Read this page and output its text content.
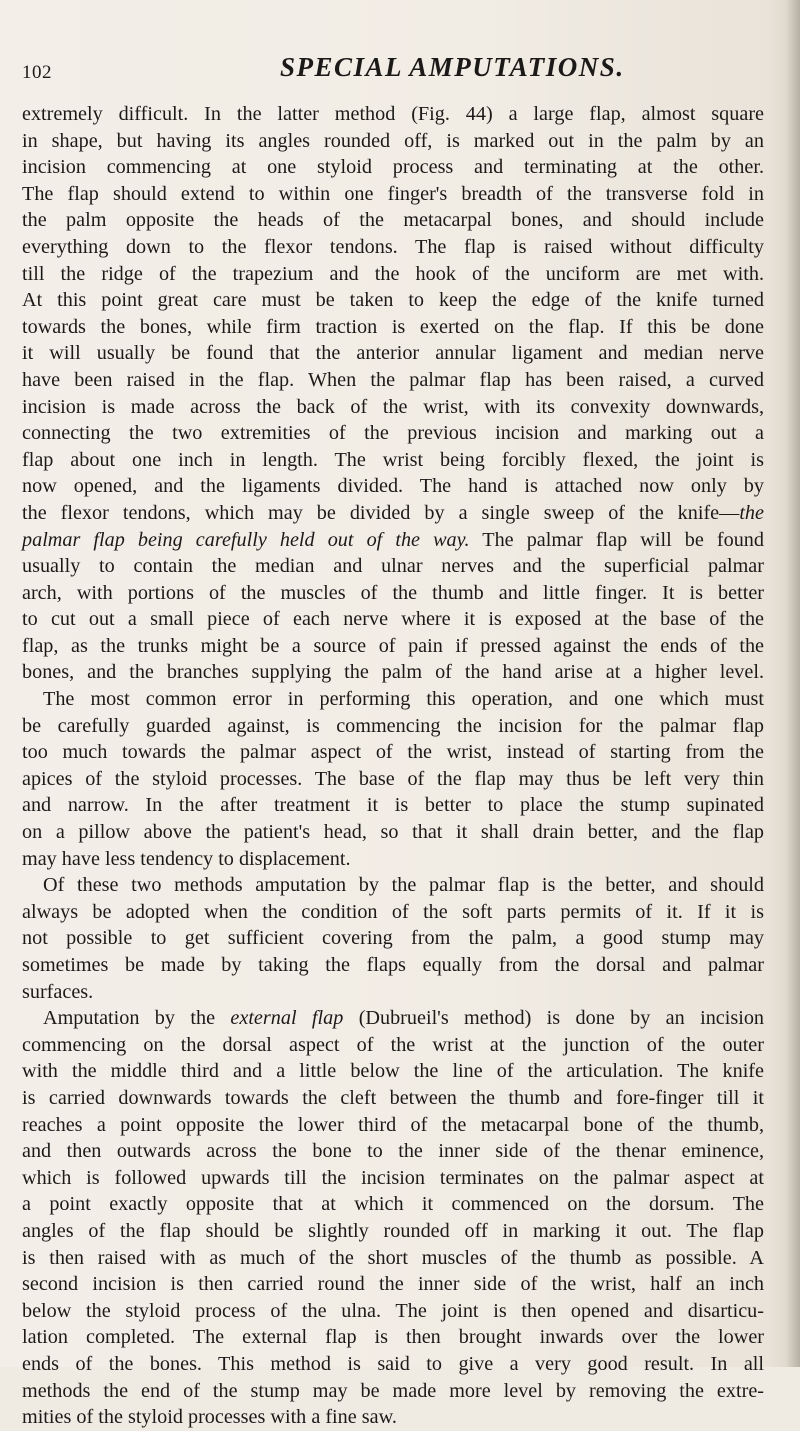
102	SPECIAL AMPUTATIONS.
extremely difficult. In the latter method (Fig. 44) a large flap, almost square
in shape, but having its angles rounded off, is marked out in the palm by an
incision commencing at one styloid process and terminating at the other.
The flap should extend to within one finger's breadth of the transverse fold in
the palm opposite the heads of the metacarpal bones, and should include
everything down to the flexor tendons. The flap is raised without difficulty
till the ridge of the trapezium and the hook of the unciform are met with.
At this point great care must be taken to keep the edge of the knife turned
towards the bones, while firm traction is exerted on the flap. If this be done
it will usually be found that the anterior annular ligament and median nerve
have been raised in the flap. When the palmar flap has been raised, a curved
incision is made across the back of the wrist, with its convexity downwards,
connecting the two extremities of the previous incision and marking out a
flap about one inch in length. The wrist being forcibly flexed, the joint is
now opened, and the ligaments divided. The hand is attached now only by
the flexor tendons, which may be divided by a single sweep of the knife—the
palmar flap being carefully held out of the way. The palmar flap will be found
usually to contain the median and ulnar nerves and the superficial palmar
arch, with portions of the muscles of the thumb and little finger. It is better
to cut out a small piece of each nerve where it is exposed at the base of the
flap, as the trunks might be a source of pain if pressed against the ends of the
bones, and the branches supplying the palm of the hand arise at a higher level.
The most common error in performing this operation, and one which must
be carefully guarded against, is commencing the incision for the palmar flap
too much towards the palmar aspect of the wrist, instead of starting from the
apices of the styloid processes. The base of the flap may thus be left very thin
and narrow. In the after treatment it is better to place the stump supinated
on a pillow above the patient's head, so that it shall drain better, and the flap
may have less tendency to displacement.
Of these two methods amputation by the palmar flap is the better, and should
always be adopted when the condition of the soft parts permits of it. If it is
not possible to get sufficient covering from the palm, a good stump may
sometimes be made by taking the flaps equally from the dorsal and palmar
surfaces.
Amputation by the external flap (Dubrueil's method) is done by an incision
commencing on the dorsal aspect of the wrist at the junction of the outer
with the middle third and a little below the line of the articulation. The knife
is carried downwards towards the cleft between the thumb and fore-finger till it
reaches a point opposite the lower third of the metacarpal bone of the thumb,
and then outwards across the bone to the inner side of the thenar eminence,
which is followed upwards till the incision terminates on the palmar aspect at
a point exactly opposite that at which it commenced on the dorsum. The
angles of the flap should be slightly rounded off in marking it out. The flap
is then raised with as much of the short muscles of the thumb as possible. A
second incision is then carried round the inner side of the wrist, half an inch
below the styloid process of the ulna. The joint is then opened and disarticu-
lation completed. The external flap is then brought inwards over the lower
ends of the bones. This method is said to give a very good result. In all
methods the end of the stump may be made more level by removing the extre-
mities of the styloid processes with a fine saw.
